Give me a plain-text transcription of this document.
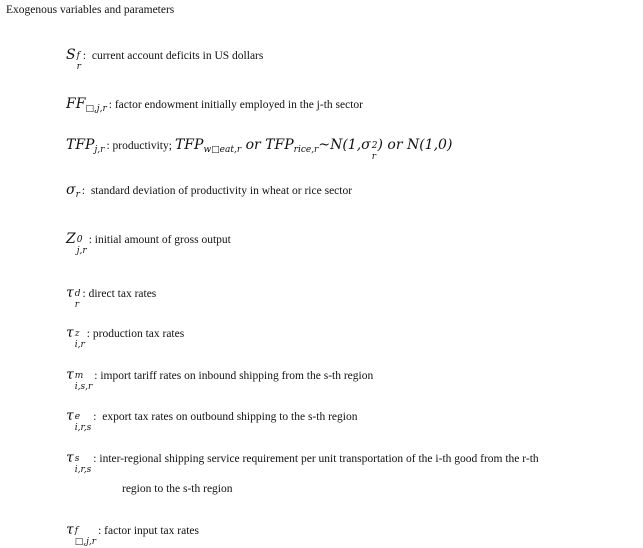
Exogenous variables and parameters
S f
r
:
current account deficits in US dollars
FF □,j,r :
factor endowment initially employed in the j-th sector
TFP j,r :
productivity; $TFP_{w□eat,r}$ or $TFP_{rice,r}\sim N(1,\sigma$ 2
r
) or N(1,0)
σ r :
standard deviation of productivity in wheat or rice sector
Z 0
j,r
:
initial amount of gross output
τ d
r
:
direct tax rates
τ z
i,r
:
production tax rates
τ m
i,s,r
:
import tariff rates on inbound shipping from the s-th region
τ e
i,r,s
:
export tax rates on outbound shipping to the s-th region
τ s
i,r,s
:
inter-regional shipping service requirement per unit transportation of the i-th good from the r-th
region to the s-th region
τ f
□,j,r
:
factor input tax rates
